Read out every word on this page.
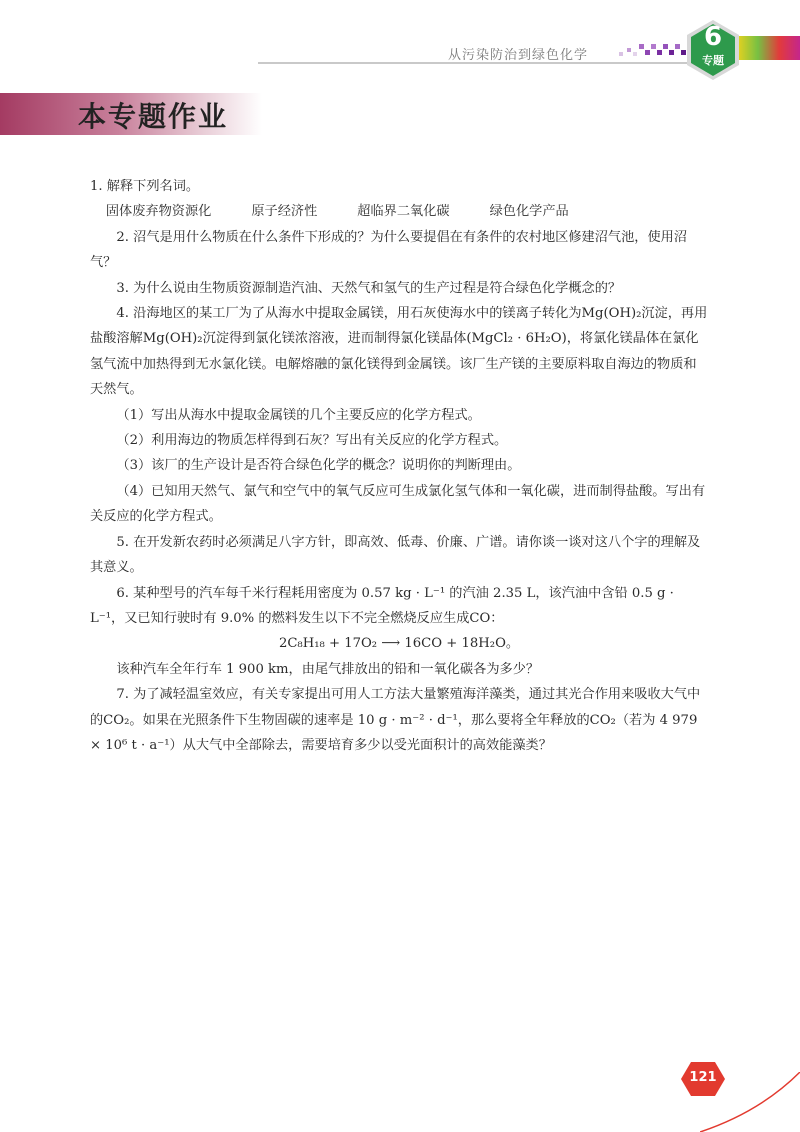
从污染防治到绿色化学
6
专题
本专题作业

1. 解释下列名词。

固体废弃物资源化	原子经济性	超临界二氧化碳	绿色化学产品

2. 沼气是用什么物质在什么条件下形成的？为什么要提倡在有条件的农村地区修建沼气池，使用沼气？

3. 为什么说由生物质资源制造汽油、天然气和氢气的生产过程是符合绿色化学概念的？

4. 沿海地区的某工厂为了从海水中提取金属镁，用石灰使海水中的镁离子转化为Mg(OH)₂沉淀，再用盐酸溶解Mg(OH)₂沉淀得到氯化镁浓溶液，进而制得氯化镁晶体(MgCl₂ · 6H₂O)，将氯化镁晶体在氯化氢气流中加热得到无水氯化镁。电解熔融的氯化镁得到金属镁。该厂生产镁的主要原料取自海边的物质和天然气。

（1）写出从海水中提取金属镁的几个主要反应的化学方程式。

（2）利用海边的物质怎样得到石灰？写出有关反应的化学方程式。

（3）该厂的生产设计是否符合绿色化学的概念？说明你的判断理由。

（4）已知用天然气、氯气和空气中的氧气反应可生成氯化氢气体和一氧化碳，进而制得盐酸。写出有关反应的化学方程式。

5. 在开发新农药时必须满足八字方针，即高效、低毒、价廉、广谱。请你谈一谈对这八个字的理解及其意义。

6. 某种型号的汽车每千米行程耗用密度为 0.57 kg · L⁻¹ 的汽油 2.35 L，该汽油中含铅 0.5 g · L⁻¹，又已知行驶时有 9.0% 的燃料发生以下不完全燃烧反应生成CO：

2C₈H₁₈ + 17O₂ ⟶ 16CO + 18H₂O。

该种汽车全年行车 1 900 km，由尾气排放出的铅和一氧化碳各为多少？

7. 为了减轻温室效应，有关专家提出可用人工方法大量繁殖海洋藻类，通过其光合作用来吸收大气中的CO₂。如果在光照条件下生物固碳的速率是 10 g · m⁻² · d⁻¹，那么要将全年释放的CO₂（若为 4 979 × 10⁶ t · a⁻¹）从大气中全部除去，需要培育多少以受光面积计的高效能藻类？

121
